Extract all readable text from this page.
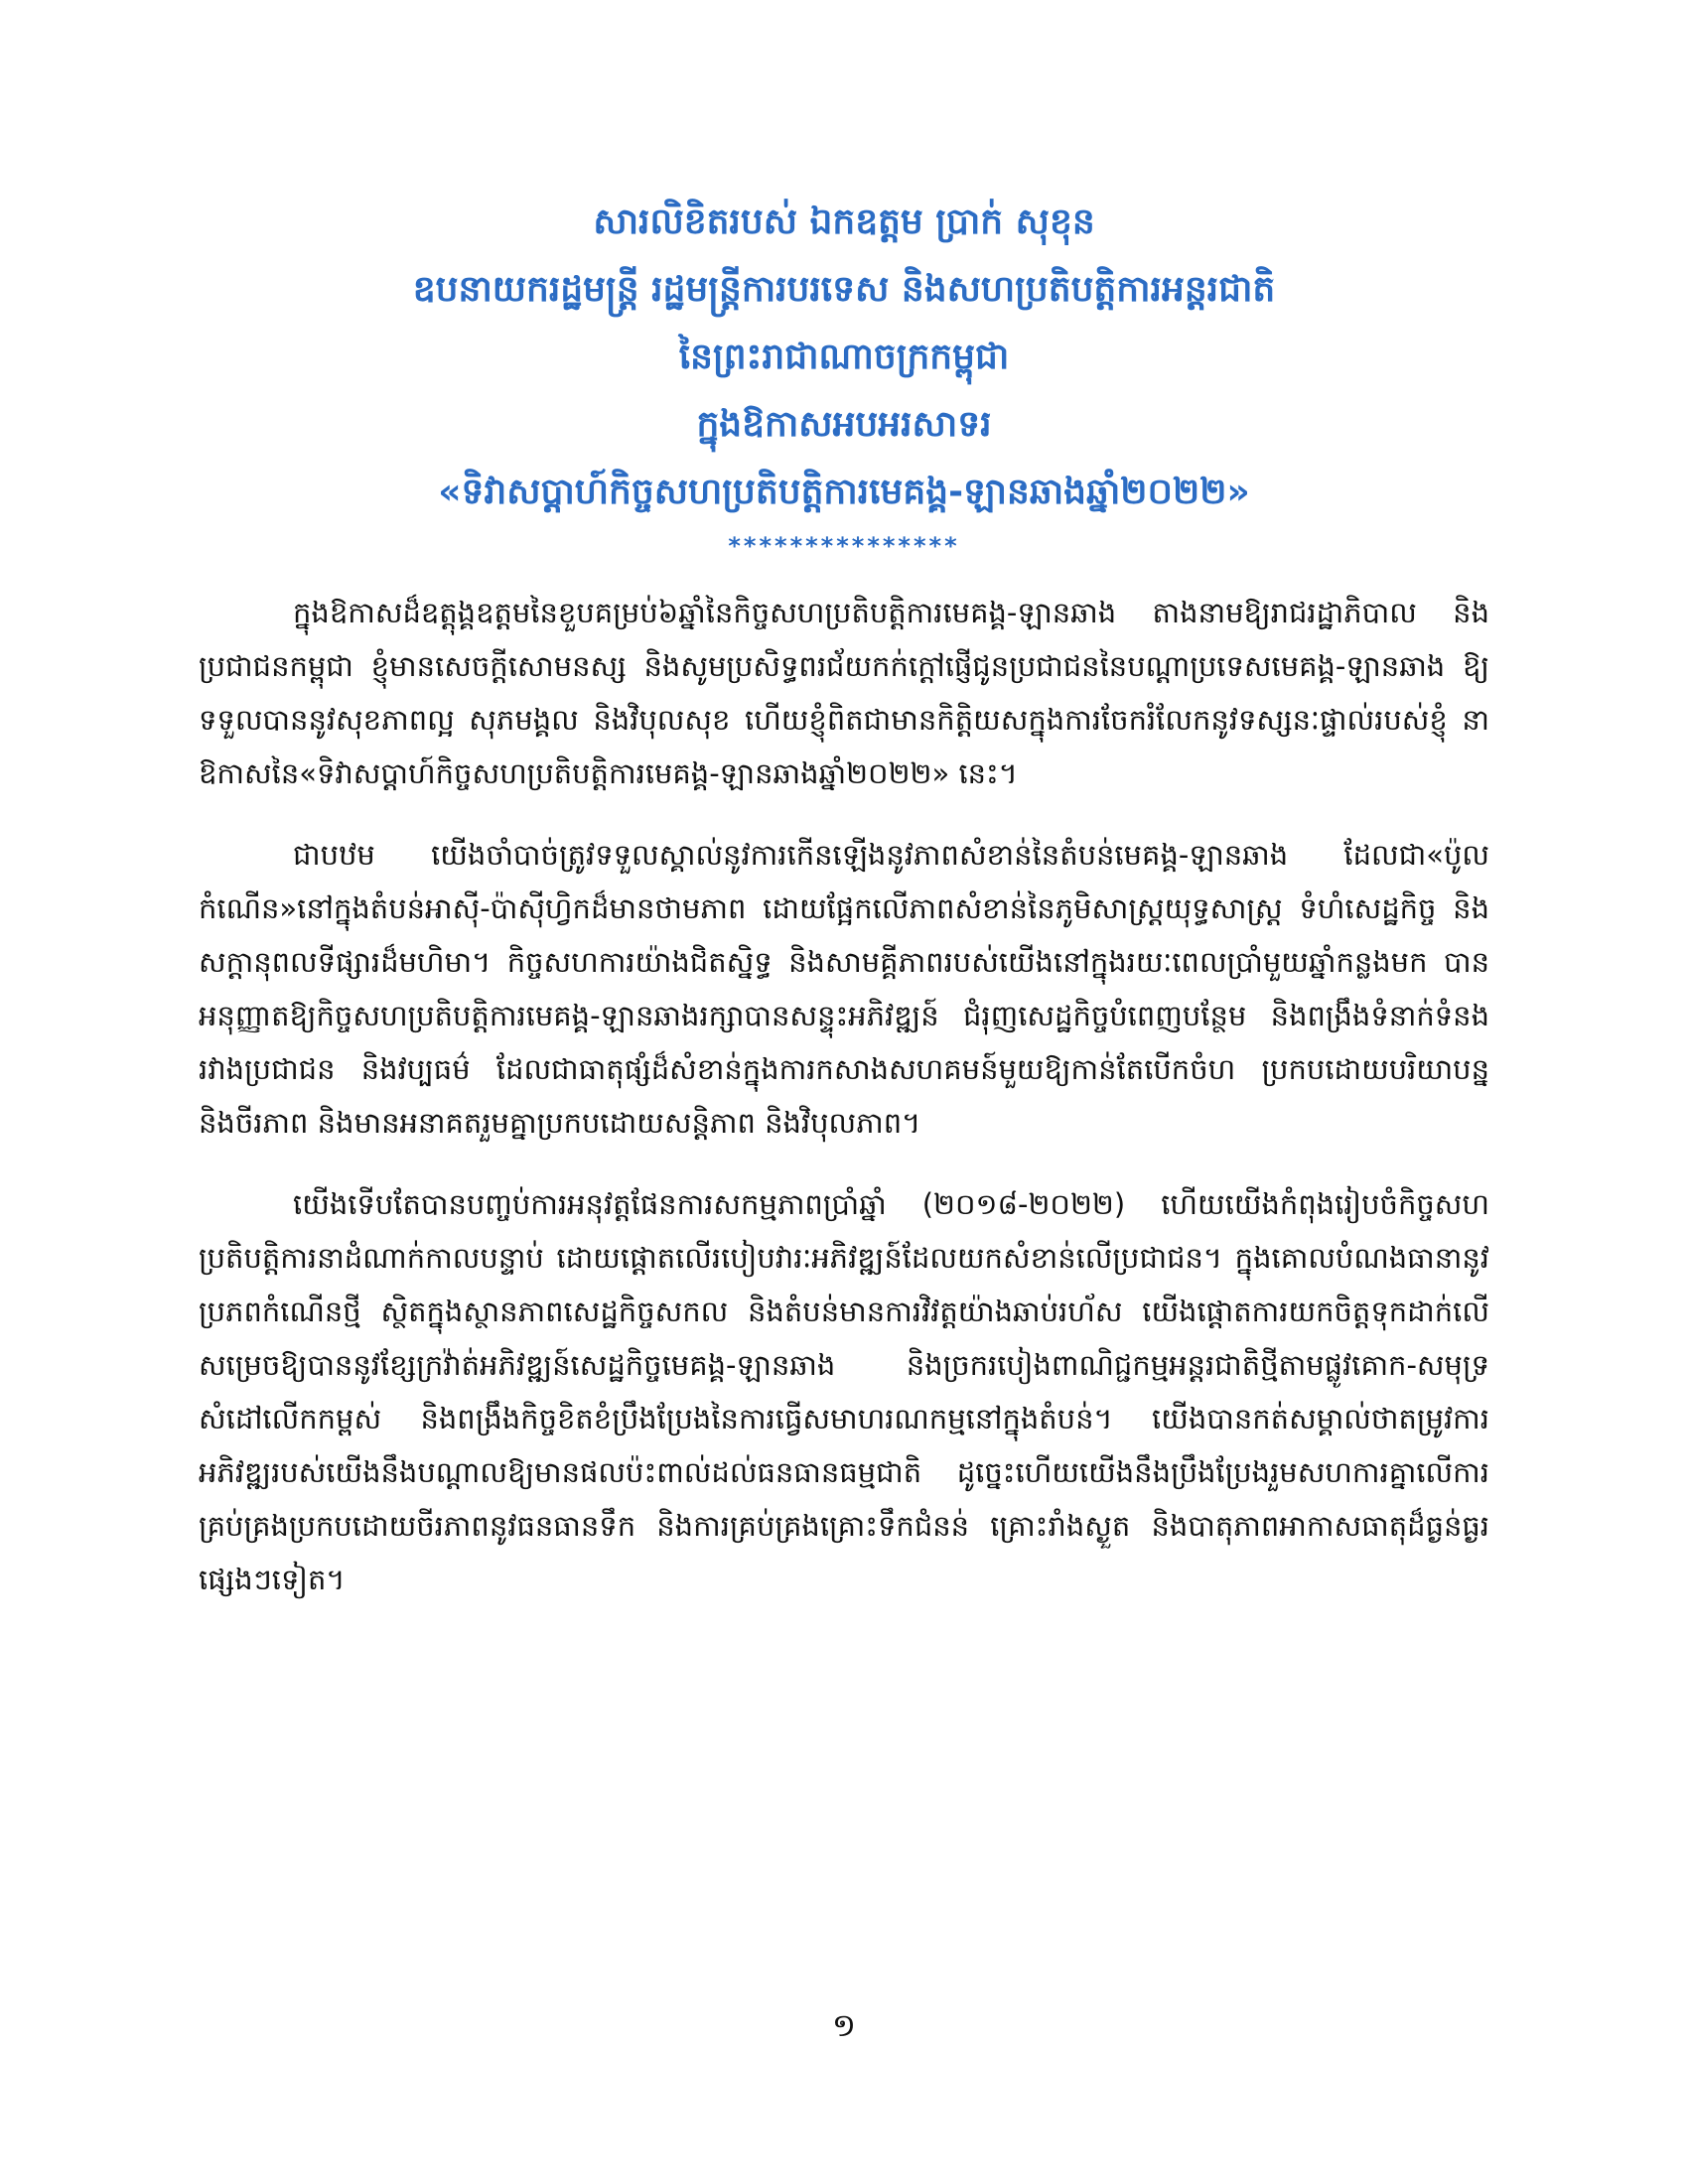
សារលិខិតរបស់ ឯកឧត្តម ប្រាក់ សុខុន
ឧបនាយករដ្ឋមន្ត្រី រដ្ឋមន្ត្រីការបរទេស និងសហប្រតិបត្តិការអន្តរជាតិ
នៃព្រះរាជាណាចក្រកម្ពុជា
ក្នុងឱកាសអបអរសាទរ
«ទិវាសប្តាហ៍កិច្ចសហប្រតិបត្តិការមេគង្គ-ឡានឆាងឆ្នាំ២០២២»
***************

ក្នុងឱកាសដ៏ឧត្តុង្គឧត្តមនៃខួបគម្រប់៦ឆ្នាំនៃកិច្ចសហប្រតិបត្តិការមេគង្គ-ឡានឆាង តាងនាមឱ្យរាជរដ្ឋាភិបាល និងប្រជាជនកម្ពុជា ខ្ញុំមានសេចក្តីសោមនស្ស និងសូមប្រសិទ្ធពរជ័យកក់ក្តៅផ្ញើជូនប្រជាជននៃបណ្តាប្រទេសមេគង្គ-ឡានឆាង ឱ្យទទួលបាននូវសុខភាពល្អ សុភមង្គល និងវិបុលសុខ ហើយខ្ញុំពិតជាមានកិត្តិយសក្នុងការចែករំលែកនូវទស្សនៈផ្ទាល់របស់ខ្ញុំ នាឱកាសនៃ«ទិវាសប្តាហ៍កិច្ចសហប្រតិបត្តិការមេគង្គ-ឡានឆាងឆ្នាំ២០២២» នេះ។

ជាបឋម យើងចាំបាច់ត្រូវទទួលស្គាល់នូវការកើនឡើងនូវភាពសំខាន់នៃតំបន់មេគង្គ-ឡានឆាង ដែលជា«ប៉ូលកំណើន»នៅក្នុងតំបន់អាស៊ី-ប៉ាស៊ីហ្វិកដ៏មានថាមភាព ដោយផ្អែកលើភាពសំខាន់នៃភូមិសាស្ត្រយុទ្ធសាស្ត្រ ទំហំសេដ្ឋកិច្ច និងសក្តានុពលទីផ្សារដ៏មហិមា។ កិច្ចសហការយ៉ាងជិតស្និទ្ធ និងសាមគ្គីភាពរបស់យើងនៅក្នុងរយៈពេលប្រាំមួយឆ្នាំកន្លងមក បានអនុញ្ញាតឱ្យកិច្ចសហប្រតិបត្តិការមេគង្គ-ឡានឆាងរក្សាបានសន្ទុះអភិវឌ្ឍន៍ ជំរុញសេដ្ឋកិច្ចបំពេញបន្ថែម និងពង្រឹងទំនាក់ទំនងរវាងប្រជាជន និងវប្បធម៌ ដែលជាធាតុផ្សំដ៏សំខាន់ក្នុងការកសាងសហគមន៍មួយឱ្យកាន់តែបើកចំហ ប្រកបដោយបរិយាបន្ន និងចីរភាព និងមានអនាគតរួមគ្នាប្រកបដោយសន្តិភាព និងវិបុលភាព។

យើងទើបតែបានបញ្ចប់ការអនុវត្តផែនការសកម្មភាពប្រាំឆ្នាំ (២០១៨-២០២២) ហើយយើងកំពុងរៀបចំកិច្ចសហប្រតិបត្តិការនាដំណាក់កាលបន្ទាប់ ដោយផ្តោតលើរបៀបវារៈអភិវឌ្ឍន៍ដែលយកសំខាន់លើប្រជាជន។ ក្នុងគោលបំណងធានានូវប្រភពកំណើនថ្មី ស្ថិតក្នុងស្ថានភាពសេដ្ឋកិច្ចសកល និងតំបន់មានការវិវត្តយ៉ាងឆាប់រហ័ស យើងផ្តោតការយកចិត្តទុកដាក់លើសម្រេចឱ្យបាននូវខ្សែក្រវ៉ាត់អភិវឌ្ឍន៍សេដ្ឋកិច្ចមេគង្គ-ឡានឆាង និងច្រករបៀងពាណិជ្ជកម្មអន្តរជាតិថ្មីតាមផ្លូវគោក-សមុទ្រ សំដៅលើកកម្ពស់ និងពង្រឹងកិច្ចខិតខំប្រឹងប្រែងនៃការធ្វើសមាហរណកម្មនៅក្នុងតំបន់។ យើងបានកត់សម្គាល់ថាតម្រូវការអភិវឌ្ឍរបស់យើងនឹងបណ្តាលឱ្យមានផលប៉ះពាល់ដល់ធនធានធម្មជាតិ ដូច្នេះហើយយើងនឹងប្រឹងប្រែងរួមសហការគ្នាលើការគ្រប់គ្រងប្រកបដោយចីរភាពនូវធនធានទឹក និងការគ្រប់គ្រងគ្រោះទឹកជំនន់ គ្រោះរាំងស្ងួត និងបាតុភាពអាកាសធាតុដ៏ធ្ងន់ធ្ងរផ្សេងៗទៀត។

១
